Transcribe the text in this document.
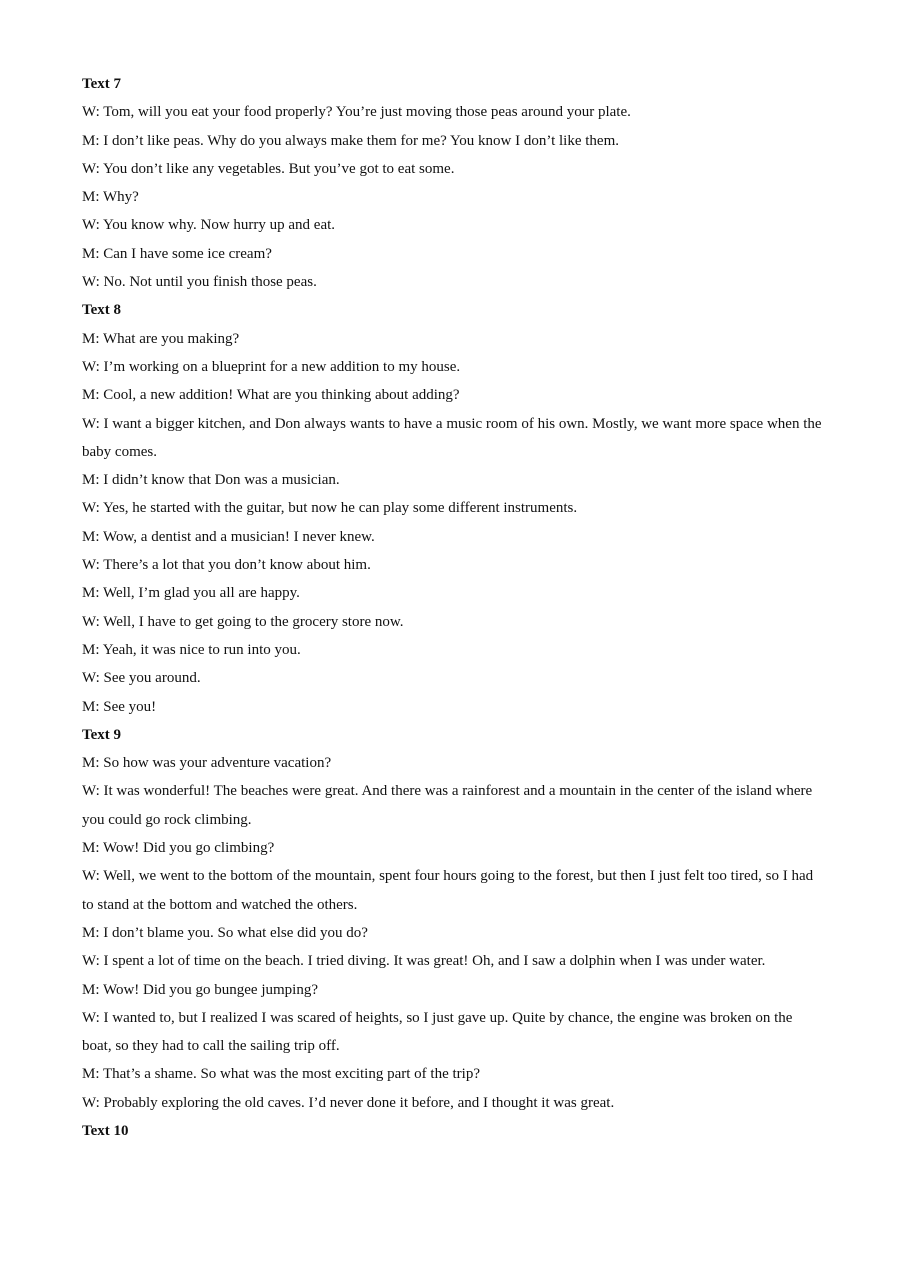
Text 7

W: Tom, will you eat your food properly? You’re just moving those peas around your plate.

M: I don’t like peas. Why do you always make them for me? You know I don’t like them.

W: You don’t like any vegetables. But you’ve got to eat some.

M: Why?

W: You know why. Now hurry up and eat.

M: Can I have some ice cream?

W: No. Not until you finish those peas.

Text 8

M: What are you making?

W: I’m working on a blueprint for a new addition to my house.

M: Cool, a new addition! What are you thinking about adding?

W: I want a bigger kitchen, and Don always wants to have a music room of his own. Mostly, we want more space when the baby comes.

M: I didn’t know that Don was a musician.

W: Yes, he started with the guitar, but now he can play some different instruments.

M: Wow, a dentist and a musician! I never knew.

W: There’s a lot that you don’t know about him.

M: Well, I’m glad you all are happy.

W: Well, I have to get going to the grocery store now.

M: Yeah, it was nice to run into you.

W: See you around.

M: See you!

Text 9

M: So how was your adventure vacation?

W: It was wonderful! The beaches were great. And there was a rainforest and a mountain in the center of the island where you could go rock climbing.

M: Wow! Did you go climbing?

W: Well, we went to the bottom of the mountain, spent four hours going to the forest, but then I just felt too tired, so I had to stand at the bottom and watched the others.

M: I don’t blame you. So what else did you do?

W: I spent a lot of time on the beach. I tried diving. It was great! Oh, and I saw a dolphin when I was under water.

M: Wow! Did you go bungee jumping?

W: I wanted to, but I realized I was scared of heights, so I just gave up. Quite by chance, the engine was broken on the boat, so they had to call the sailing trip off.

M: That’s a shame. So what was the most exciting part of the trip?

W: Probably exploring the old caves. I’d never done it before, and I thought it was great.

Text 10
